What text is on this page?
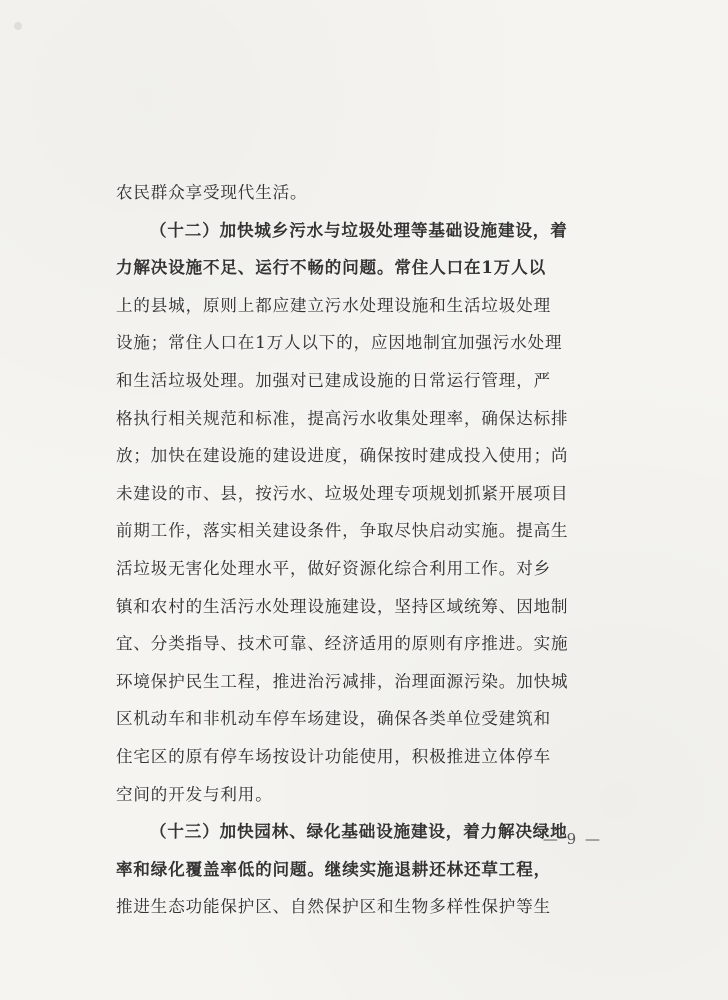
农民群众享受现代生活。
（十二）加快城乡污水与垃圾处理等基础设施建设，着
力解决设施不足、运行不畅的问题。常住人口在1万人以
上的县城，原则上都应建立污水处理设施和生活垃圾处理
设施；常住人口在1万人以下的，应因地制宜加强污水处理
和生活垃圾处理。加强对已建成设施的日常运行管理，严
格执行相关规范和标准，提高污水收集处理率，确保达标排
放；加快在建设施的建设进度，确保按时建成投入使用；尚
未建设的市、县，按污水、垃圾处理专项规划抓紧开展项目
前期工作，落实相关建设条件，争取尽快启动实施。提高生
活垃圾无害化处理水平，做好资源化综合利用工作。对乡
镇和农村的生活污水处理设施建设，坚持区域统筹、因地制
宜、分类指导、技术可靠、经济适用的原则有序推进。实施
环境保护民生工程，推进治污减排，治理面源污染。加快城
区机动车和非机动车停车场建设，确保各类单位受建筑和
住宅区的原有停车场按设计功能使用，积极推进立体停车
空间的开发与利用。
（十三）加快园林、绿化基础设施建设，着力解决绿地
率和绿化覆盖率低的问题。继续实施退耕还林还草工程，
推进生态功能保护区、自然保护区和生物多样性保护等生
— 9 —
